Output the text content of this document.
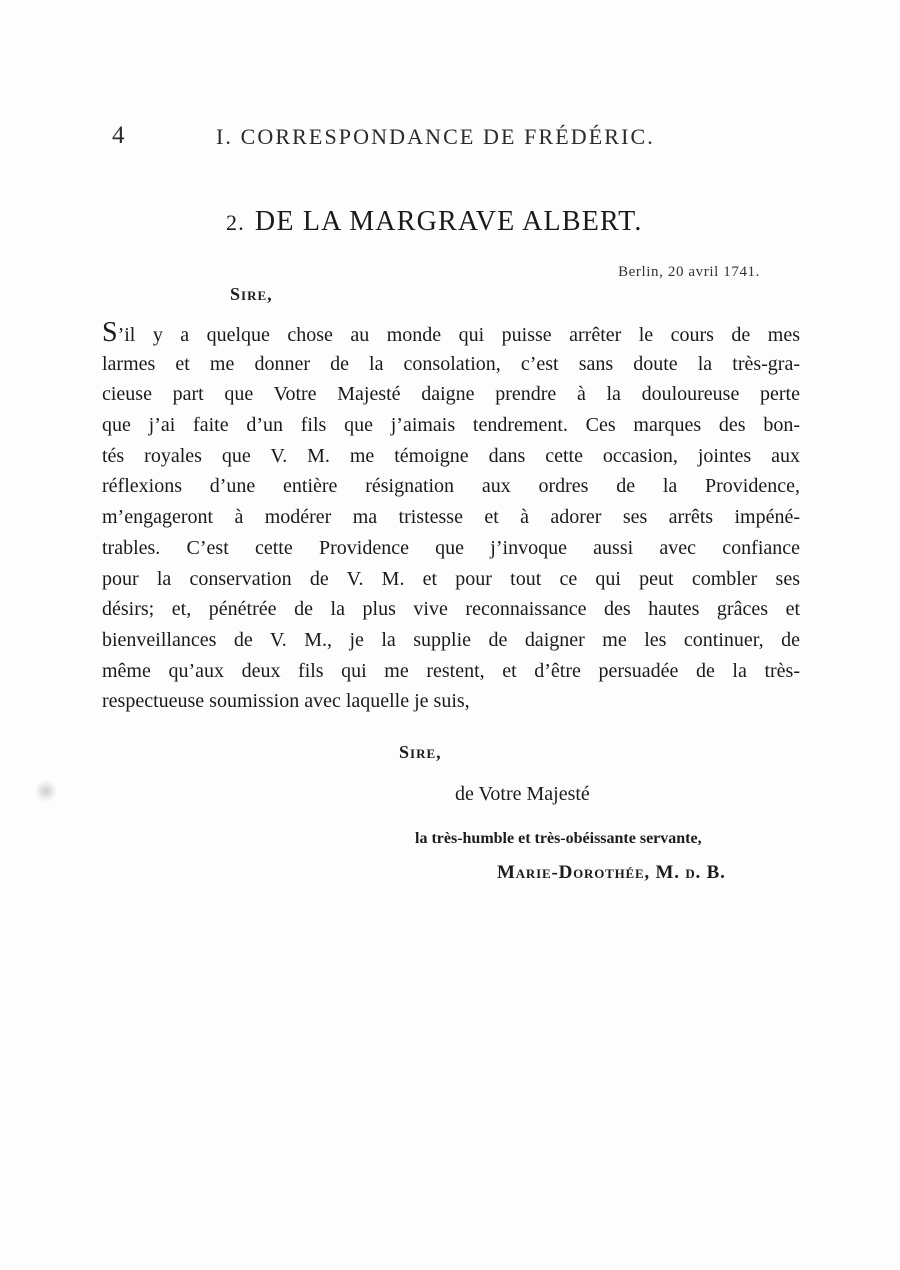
4	I. CORRESPONDANCE DE FRÉDÉRIC.
2. DE LA MARGRAVE ALBERT.
Berlin, 20 avril 1741.
Sire,
S’il y a quelque chose au monde qui puisse arrêter le cours de mes
larmes et me donner de la consolation, c’est sans doute la très-gra-
cieuse part que Votre Majesté daigne prendre à la douloureuse perte
que j’ai faite d’un fils que j’aimais tendrement. Ces marques des bon-
tés royales que V. M. me témoigne dans cette occasion, jointes aux
réflexions d’une entière résignation aux ordres de la Providence,
m’engageront à modérer ma tristesse et à adorer ses arrêts impéné-
trables. C’est cette Providence que j’invoque aussi avec confiance
pour la conservation de V. M. et pour tout ce qui peut combler ses
désirs; et, pénétrée de la plus vive reconnaissance des hautes grâces et
bienveillances de V. M., je la supplie de daigner me les continuer, de
même qu’aux deux fils qui me restent, et d’être persuadée de la très-
respectueuse soumission avec laquelle je suis,
Sire,
de Votre Majesté
la très-humble et très-obéissante servante,
Marie-Dorothée, M. d. B.
